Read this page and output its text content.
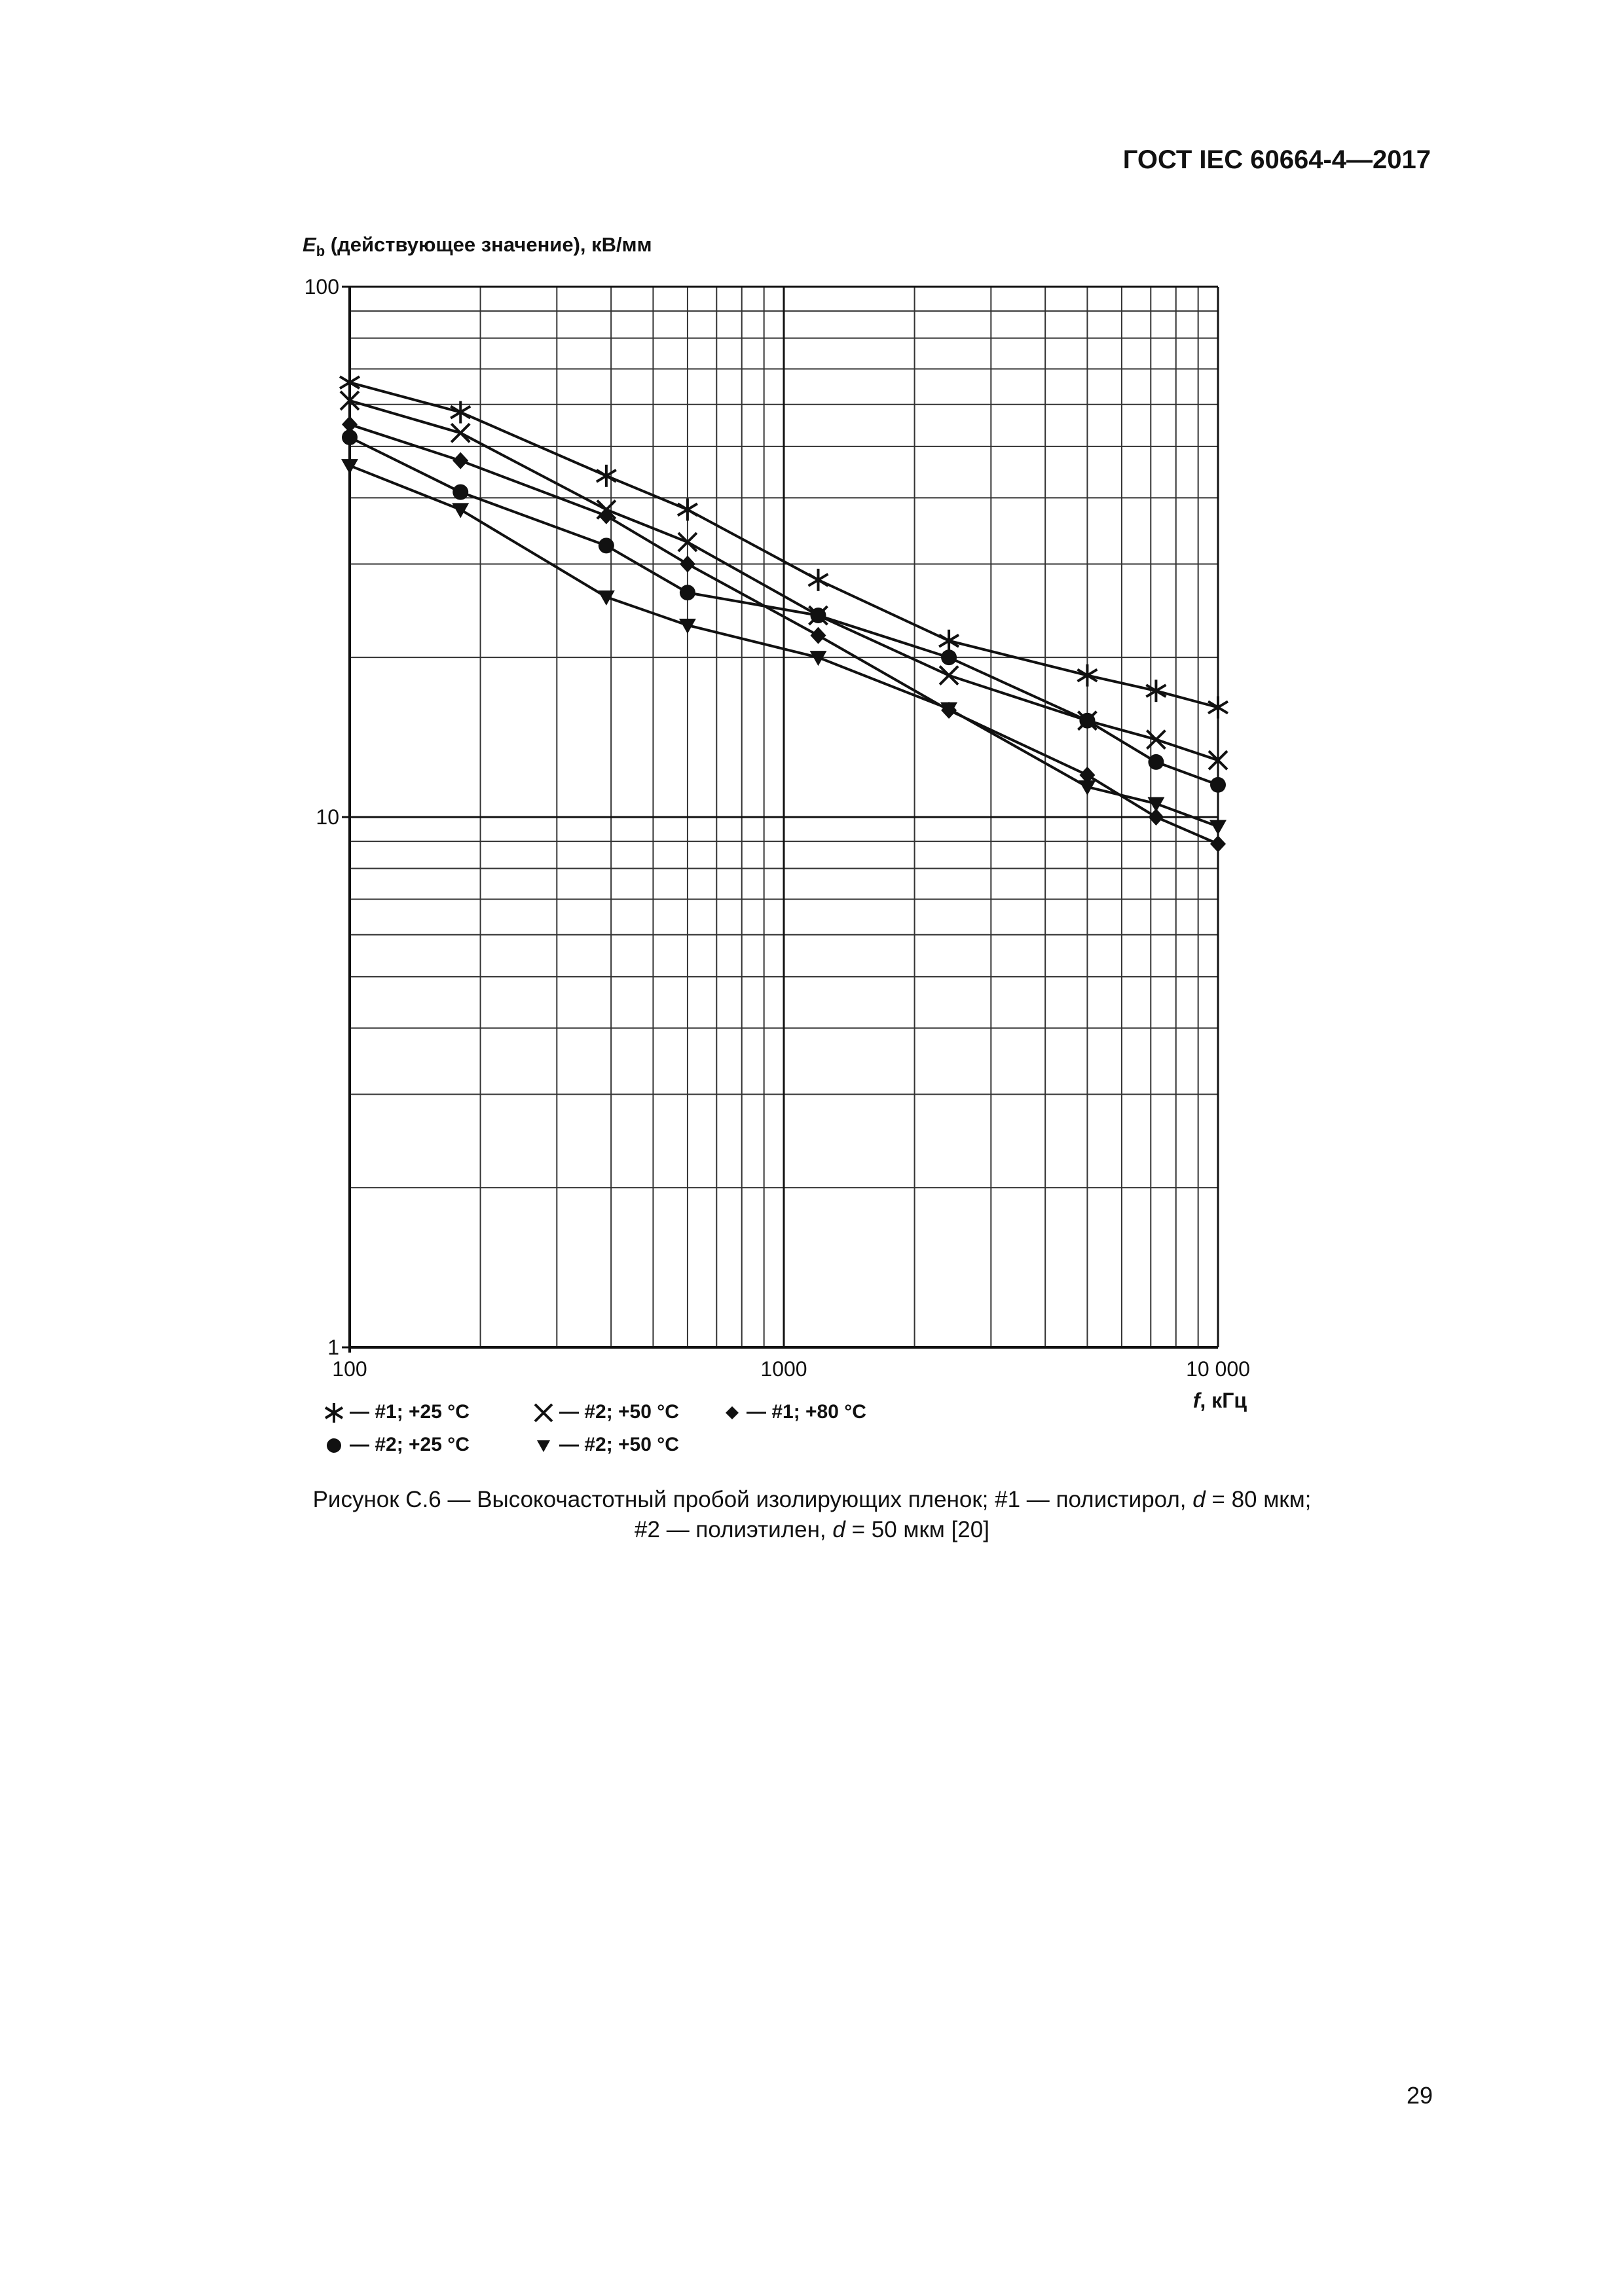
ГОСТ IEC 60664-4—2017
$E_b$ (действующее значение), кВ/мм
1
10
100
100	1000	10 000
f, кГц
— #1; +25 °C	— #2; +50 °C	— #1; +80 °C
— #2; +25 °C	— #2; +50 °C
Рисунок С.6 — Высокочастотный пробой изолирующих пленок; #1 — полистирол, d = 80 мкм;
#2 — полиэтилен, d = 50 мкм [20]
29
